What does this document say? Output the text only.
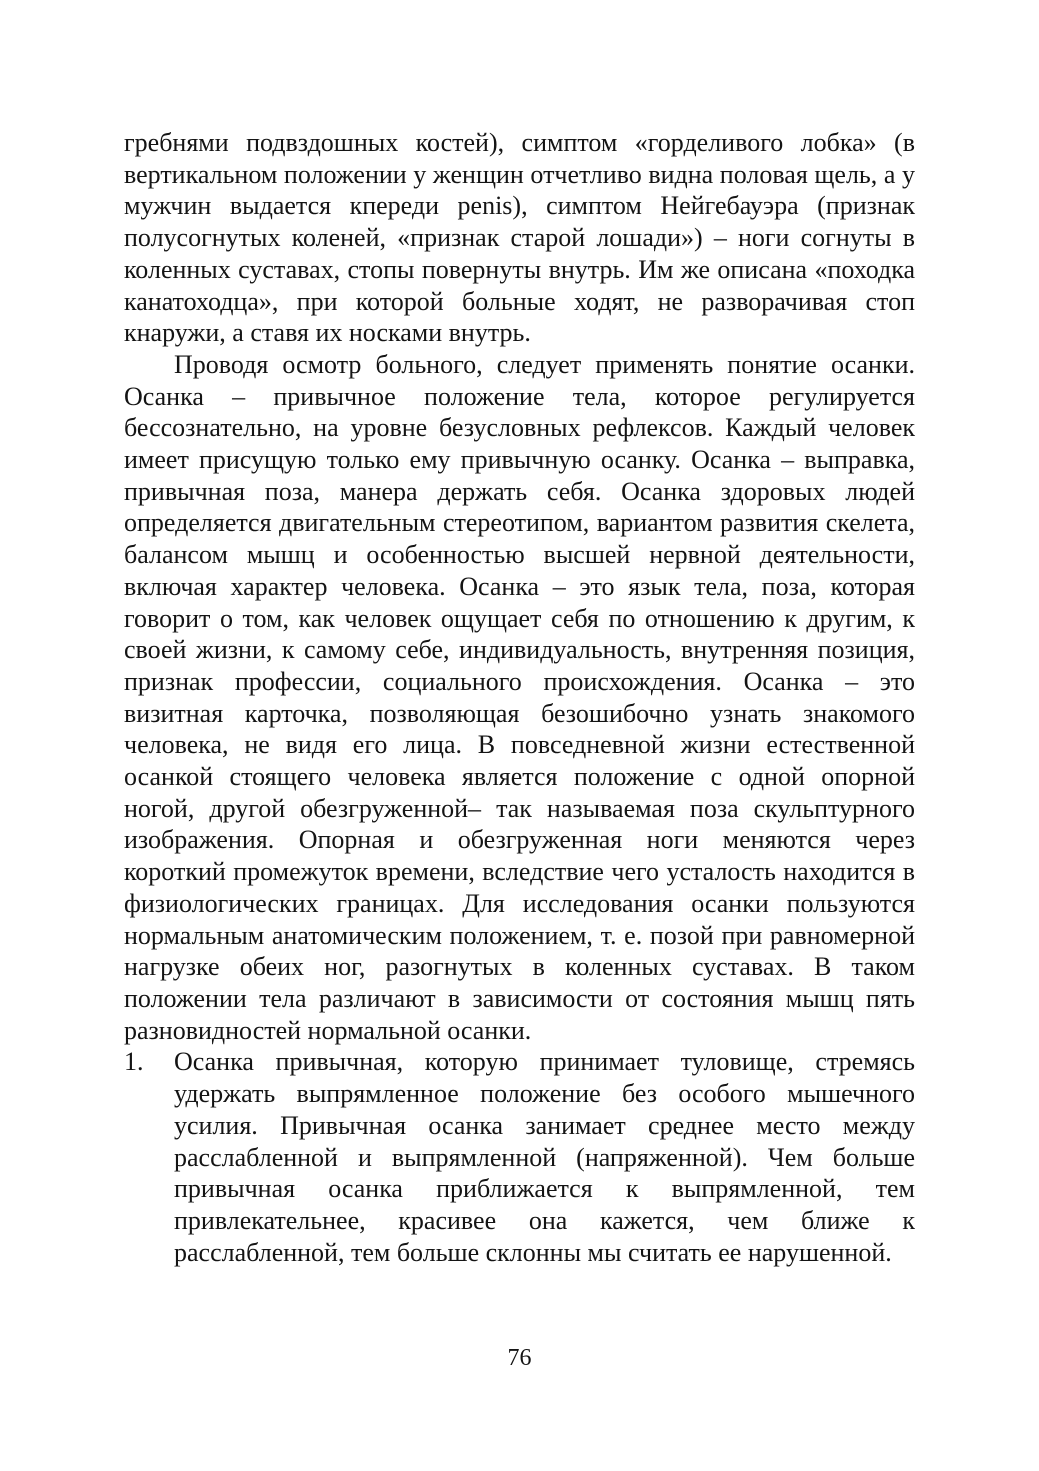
гребнями подвздошных костей), симптом «горделивого лобка» (в вертикальном положении у женщин отчетливо видна половая щель, а у мужчин выдается кпереди penis), симптом Нейгебауэра (признак полусогнутых коленей, «признак старой лошади») – ноги согнуты в коленных суставах, стопы повернуты внутрь. Им же описана «походка канатоходца», при которой больные ходят, не разворачивая стоп кнаружи, а ставя их носками внутрь.

Проводя осмотр больного, следует применять понятие осанки. Осанка – привычное положение тела, которое регулируется бессознательно, на уровне безусловных рефлексов. Каждый человек имеет присущую только ему привычную осанку. Осанка – выправка, привычная поза, манера держать себя. Осанка здоровых людей определяется двигательным стереотипом, вариантом развития скелета, балансом мышц и особенностью высшей нервной деятельности, включая характер человека. Осанка – это язык тела, поза, которая говорит о том, как человек ощущает себя по отношению к другим, к своей жизни, к самому себе, индивидуальность, внутренняя позиция, признак профессии, социального происхождения. Осанка – это визитная карточка, позволяющая безошибочно узнать знакомого человека, не видя его лица. В повседневной жизни естественной осанкой стоящего человека является положение с одной опорной ногой, другой обезгруженной– так называемая поза скульптурного изображения. Опорная и обезгруженная ноги меняются через короткий промежуток времени, вследствие чего усталость находится в физиологических границах. Для исследования осанки пользуются нормальным анатомическим положением, т. е. позой при равномерной нагрузке обеих ног, разогнутых в коленных суставах. В таком положении тела различают в зависимости от состояния мышц пять разновидностей нормальной осанки.

1. Осанка привычная, которую принимает туловище, стремясь удержать выпрямленное положение без особого мышечного усилия. Привычная осанка занимает среднее место между расслабленной и выпрямленной (напряженной). Чем больше привычная осанка приближается к выпрямленной, тем привлекательнее, красивее она кажется, чем ближе к расслабленной, тем больше склонны мы считать ее нарушенной.
76
